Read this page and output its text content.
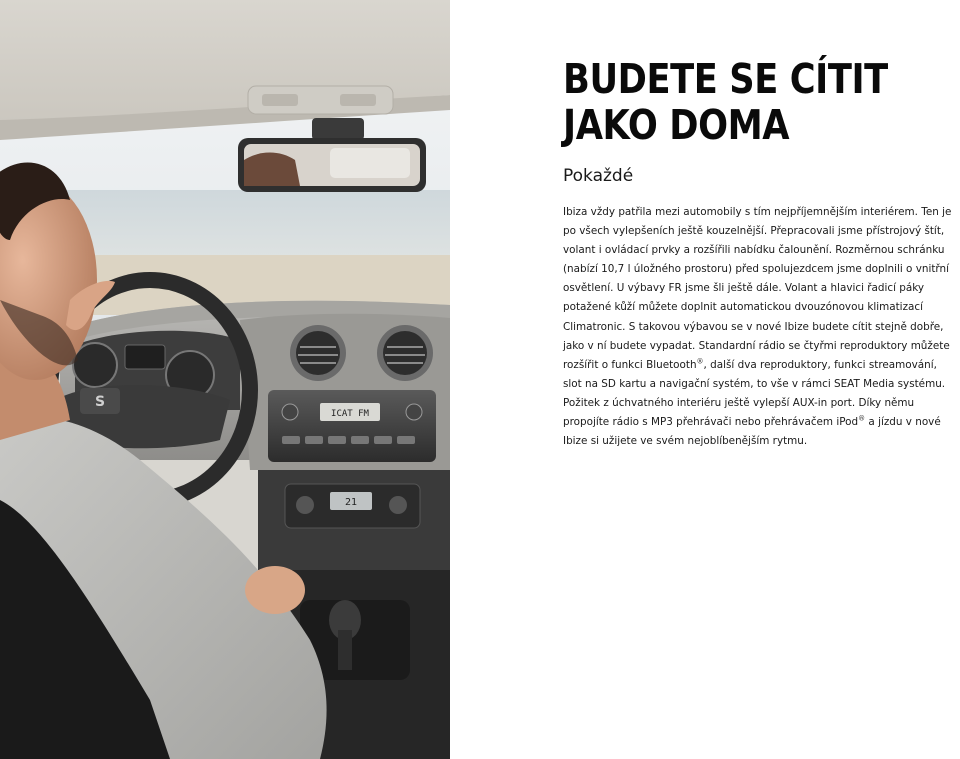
ICAT FM
21
S
BUDETE SE CÍTIT
JAKO DOMA

Pokaždé

Ibiza vždy patřila mezi automobily s tím nejpříjemnějším interiérem. Ten je po všech vylepšeních ještě kouzelnější. Přepracovali jsme přístrojový štít, volant i ovládací prvky a rozšířili nabídku čalounění. Rozměrnou schránku (nabízí 10,7 l úložného prostoru) před spolujezdcem jsme doplnili o vnitřní osvětlení. U výbavy FR jsme šli ještě dále. Volant a hlavici řadicí páky potažené kůží můžete doplnit automatickou dvouzónovou klimatizací Climatronic. S takovou výbavou se v nové Ibize budete cítit stejně dobře, jako v ní budete vypadat. Standardní rádio se čtyřmi reproduktory můžete rozšířit o funkci Bluetooth®, další dva reproduktory, funkci streamování, slot na SD kartu a navigační systém, to vše v rámci SEAT Media systému. Požitek z úchvatného interiéru ještě vylepší AUX-in port. Díky němu propojíte rádio s MP3 přehrávači nebo přehrávačem iPod® a jízdu v nové Ibize si užijete ve svém nejoblíbenějším rytmu.
